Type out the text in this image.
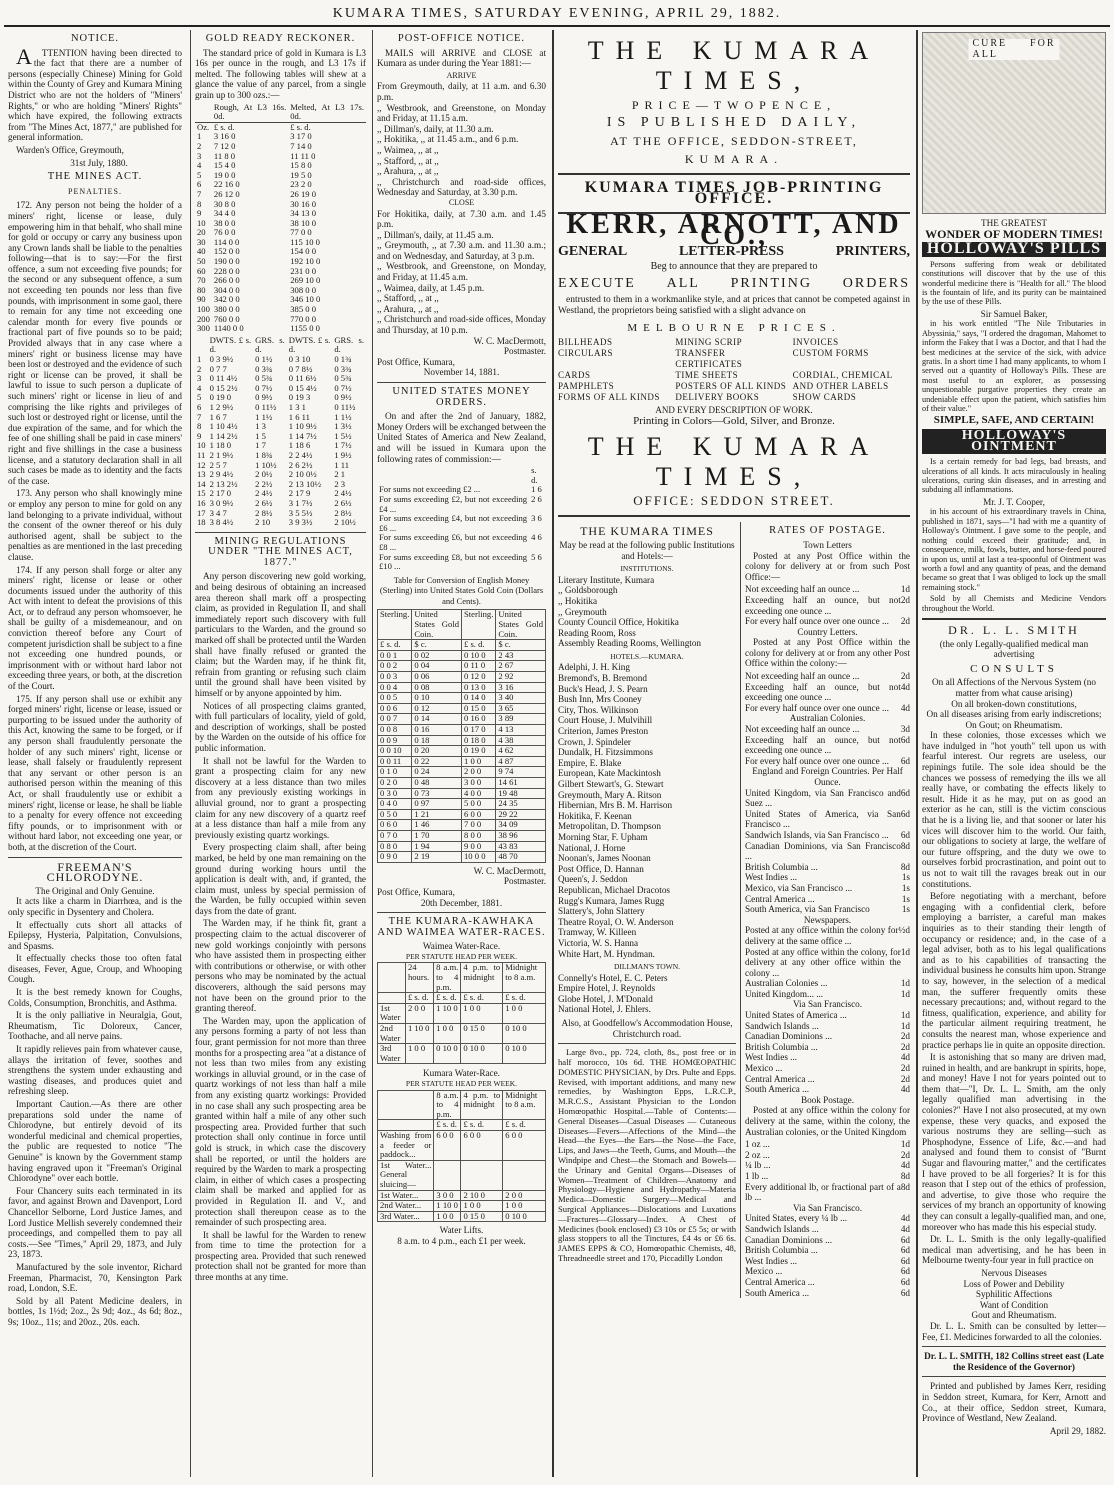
KUMARA TIMES, SATURDAY EVENING, APRIL 29, 1882.
NOTICE.

ATTENTION having been directed to the fact that there are a number of persons (especially Chinese) Mining for Gold within the County of Grey and Kumara Mining District who are not the holders of "Miners' Rights," or who are holding "Miners' Rights" which have expired, the following extracts from "The Mines Act, 1877," are published for general information.

Warden's Office, Greymouth,

31st July, 1880.

THE MINES ACT.
PENALTIES.

172. Any person not being the holder of a miners' right, license or lease, duly empowering him in that behalf, who shall mine for gold or occupy or carry any business upon any Crown lands shall be liable to the penalties following—that is to say:—For the first offence, a sum not exceeding five pounds; for the second or any subsequent offence, a sum not exceeding ten pounds nor less than five pounds, with imprisonment in some gaol, there to remain for any time not exceeding one calendar month for every five pounds or fractional part of five pounds so to be paid; Provided always that in any case where a miners' right or business license may have been lost or destroyed and the evidence of such right or license can be proved, it shall be lawful to issue to such person a duplicate of such miners' right or license in lieu of and comprising the like rights and privileges of such lost or destroyed right or license, until the due expiration of the same, and for which the fee of one shilling shall be paid in case miners' right and five shillings in the case a business license, and a statutory declaration shall in all such cases be made as to identity and the facts of the case.

173. Any person who shall knowingly mine or employ any person to mine for gold on any land belonging to a private individual, without the consent of the owner thereof or his duly authorised agent, shall be subject to the penalties as are mentioned in the last preceding clause.

174. If any person shall forge or alter any miners' right, license or lease or other documents issued under the authority of this Act with intent to defeat the provisions of this Act, or to defraud any person whomsoever, he shall be guilty of a misdemeanour, and on conviction thereof before any Court of competent jurisdiction shall be subject to a fine not exceeding one hundred pounds, or imprisonment with or without hard labor not exceeding three years, or both, at the discretion of the Court.

175. If any person shall use or exhibit any forged miners' right, license or lease, issued or purporting to be issued under the authority of this Act, knowing the same to be forged, or if any person shall fraudulently personate the holder of any such miners' right, license or lease, shall falsely or fraudulently represent that any servant or other person is an authorised person within the meaning of this Act, or shall fraudulently use or exhibit a miners' right, license or lease, he shall be liable to a penalty for every offence not exceeding fifty pounds, or to imprisonment with or without hard labor, not exceeding one year, or both, at the discretion of the Court.

FREEMAN'S CHLORODYNE.
The Original and Only Genuine.

It acts like a charm in Diarrhœa, and is the only specific in Dysentery and Cholera.

It effectually cuts short all attacks of Epilepsy, Hysteria, Palpitation, Convulsions, and Spasms.

It effectually checks those too often fatal diseases, Fever, Ague, Croup, and Whooping Cough.

It is the best remedy known for Coughs, Colds, Consumption, Bronchitis, and Asthma.

It is the only palliative in Neuralgia, Gout, Rheumatism, Tic Doloreux, Cancer, Toothache, and all nerve pains.

It rapidly relieves pain from whatever cause, allays the irritation of fever, soothes and strengthens the system under exhausting and wasting diseases, and produces quiet and refreshing sleep.

Important Caution.—As there are other preparations sold under the name of Chlorodyne, but entirely devoid of its wonderful medicinal and chemical properties, the public are requested to notice "The Genuine" is known by the Government stamp having engraved upon it "Freeman's Original Chlorodyne" over each bottle.

Four Chancery suits each terminated in its favor, and against Brown and Davenport, Lord Chancellor Selborne, Lord Justice James, and Lord Justice Mellish severely condemned their proceedings, and compelled them to pay all costs.—See "Times," April 29, 1873, and July 23, 1873.

Manufactured by the sole inventor, Richard Freeman, Pharmacist, 70, Kensington Park road, London, S.E.

Sold by all Patent Medicine dealers, in bottles, 1s 1½d; 2oz., 2s 9d; 4oz., 4s 6d; 8oz., 9s; 10oz., 11s; and 20oz., 20s. each.

GOLD READY RECKONER.

The standard price of gold in Kumara is L3 16s per ounce in the rough, and L3 17s if melted. The following tables will shew at a glance the value of any parcel, from a single grain up to 300 ozs.:—

	Rough, At L3 16s. 0d.	Melted, At L3 17s. 0d.
Oz.	£ s. d.	£ s. d.
1	3 16 0	3 17 0
2	7 12 0	7 14 0
3	11 8 0	11 11 0
4	15 4 0	15 8 0
5	19 0 0	19 5 0
6	22 16 0	23 2 0
7	26 12 0	26 19 0
8	30 8 0	30 16 0
9	34 4 0	34 13 0
10	38 0 0	38 10 0
20	76 0 0	77 0 0
30	114 0 0	115 10 0
40	152 0 0	154 0 0
50	190 0 0	192 10 0
60	228 0 0	231 0 0
70	266 0 0	269 10 0
80	304 0 0	308 0 0
90	342 0 0	346 10 0
100	380 0 0	385 0 0
200	760 0 0	770 0 0
300	1140 0 0	1155 0 0
	DWTS. £ s. d.	GRS. s. d.	DWTS. £ s. d.	GRS. s. d.
1	0 3 9½	0 1½	0 3 10	0 1¾
2	0 7 7	0 3¾	0 7 8½	0 3¾
3	0 11 4½	0 5¾	0 11 6½	0 5¾
4	0 15 2½	0 7½	0 15 4½	0 7½
5	0 19 0	0 9½	0 19 3	0 9½
6	1 2 9½	0 11½	1 3 1	0 11½
7	1 6 7	1 1½	1 6 11	1 1½
8	1 10 4½	1 3	1 10 9½	1 3½
9	1 14 2½	1 5	1 14 7½	1 5½
10	1 18 0	1 7	1 18 6	1 7½
11	2 1 9½	1 8¾	2 2 4½	1 9½
12	2 5 7	1 10½	2 6 2½	1 11
13	2 9 4½	2 0½	2 10 0½	2 1
14	2 13 2½	2 2½	2 13 10½	2 3
15	2 17 0	2 4½	2 17 9	2 4½
16	3 0 9½	2 6½	3 1 7½	2 6½
17	3 4 7	2 8½	3 5 5½	2 8½
18	3 8 4½	2 10	3 9 3½	2 10½
MINING REGULATIONS UNDER "THE MINES ACT, 1877."

Any person discovering new gold working, and being desirous of obtaining an increased area thereon shall mark off a prospecting claim, as provided in Regulation II, and shall immediately report such discovery with full particulars to the Warden, and the ground so marked off shall be protected until the Warden shall have finally refused or granted the claim; but the Warden may, if he think fit, refrain from granting or refusing such claim until the ground shall have been visited by himself or by anyone appointed by him.

Notices of all prospecting claims granted, with full particulars of locality, yield of gold, and description of workings, shall be posted by the Warden on the outside of his office for public information.

It shall not be lawful for the Warden to grant a prospecting claim for any new discovery at a less distance than two miles from any previously existing workings in alluvial ground, nor to grant a prospecting claim for any new discovery of a quartz reef at a less distance than half a mile from any previously existing quartz workings.

Every prospecting claim shall, after being marked, be held by one man remaining on the ground during working hours until the application is dealt with, and, if granted, the claim must, unless by special permission of the Warden, be fully occupied within seven days from the date of grant.

The Warden may, if he think fit, grant a prospecting claim to the actual discoverer of new gold workings conjointly with persons who have assisted them in prospecting either with contributions or otherwise, or with other persons who may be nominated by the actual discoverers, although the said persons may not have been on the ground prior to the granting thereof.

The Warden may, upon the application of any persons forming a party of not less than four, grant permission for not more than three months for a prospecting area "at a distance of not less than two miles from any existing workings in alluvial ground, or in the case of quartz workings of not less than half a mile from any existing quartz workings: Provided in no case shall any such prospecting area be granted within half a mile of any other such prospecting area. Provided further that such protection shall only continue in force until gold is struck, in which case the discovery shall be reported, or until the holders are required by the Warden to mark a prospecting claim, in either of which cases a prospecting claim shall be marked and applied for as provided in Regulation II. and V., and protection shall thereupon cease as to the remainder of such prospecting area.

It shall be lawful for the Warden to renew from time to time the protection for a prospecting area. Provided that such renewed protection shall not be granted for more than three months at any time.

POST-OFFICE NOTICE.

MAILS will ARRIVE and CLOSE at Kumara as under during the Year 1881:—

ARRIVE
From Greymouth, daily, at 11 a.m. and 6.30 p.m.
,, Westbrook, and Greenstone, on Monday and Friday, at 11.15 a.m.
,, Dillman's, daily, at 11.30 a.m.
,, Hokitika, ,, at 11.45 a.m., and 6 p.m.
,, Waimea, ,, at ,,
,, Stafford, ,, at ,,
,, Arahura, ,, at ,,
,, Christchurch and road-side offices, Wednesday and Saturday, at 3.30 p.m.
CLOSE
For Hokitika, daily, at 7.30 a.m. and 1.45 p.m.
,, Dillman's, daily, at 11.45 a.m.
,, Greymouth, ,, at 7.30 a.m. and 11.30 a.m.; and on Wednesday, and Saturday, at 3 p.m.
,, Westbrook, and Greenstone, on Monday, and Friday, at 11.45 a.m.
,, Waimea, daily, at 1.45 p.m.
,, Stafford, ,, at ,,
,, Arahura, ,, at ,,
,, Christchurch and road-side offices, Monday and Thursday, at 10 p.m.
W. C. MacDermott,
Postmaster.
Post Office, Kumara,
November 14, 1881.
UNITED STATES MONEY ORDERS.

On and after the 2nd of January, 1882, Money Orders will be exchanged between the United States of America and New Zealand, and will be issued in Kumara upon the following rates of commission:—

	s. d.
For sums not exceeding £2 ...	1 6
For sums exceeding £2, but not exceeding £4 ...	2 6
For sums exceeding £4, but not exceeding £6 ...	3 6
For sums exceeding £6, but not exceeding £8 ...	4 6
For sums exceeding £8, but not exceeding £10 ...	5 6
Table for Conversion of English Money (Sterling) into United States Gold Coin (Dollars and Cents).
Sterling.	United States Gold Coin.	Sterling.	United States Gold Coin.
£ s. d.	$ c.	£ s. d.	$ c.
0 0 1	0 02	0 10 0	2 43
0 0 2	0 04	0 11 0	2 67
0 0 3	0 06	0 12 0	2 92
0 0 4	0 08	0 13 0	3 16
0 0 5	0 10	0 14 0	3 40
0 0 6	0 12	0 15 0	3 65
0 0 7	0 14	0 16 0	3 89
0 0 8	0 16	0 17 0	4 13
0 0 9	0 18	0 18 0	4 38
0 0 10	0 20	0 19 0	4 62
0 0 11	0 22	1 0 0	4 87
0 1 0	0 24	2 0 0	9 74
0 2 0	0 48	3 0 0	14 61
0 3 0	0 73	4 0 0	19 48
0 4 0	0 97	5 0 0	24 35
0 5 0	1 21	6 0 0	29 22
0 6 0	1 46	7 0 0	34 09
0 7 0	1 70	8 0 0	38 96
0 8 0	1 94	9 0 0	43 83
0 9 0	2 19	10 0 0	48 70
W. C. MacDermott,
Postmaster.
Post Office, Kumara,
20th December, 1881.
THE KUMARA-KAWHAKA AND WAIMEA WATER-RACES.
Waimea Water-Race.
PER STATUTE HEAD PER WEEK.
	24 hours.	8 a.m. to 4 p.m.	4 p.m. to midnight	Midnight to 8 a.m.
	£ s. d.	£ s. d.	£ s. d.	£ s. d.
1st Water	2 0 0	1 10 0	1 0 0	1 0 0
2nd Water	1 10 0	1 0 0	0 15 0	0 10 0
3rd Water	1 0 0	0 10 0	0 10 0	0 10 0
Kumara Water-Race.
PER STATUTE HEAD PER WEEK.
	8 a.m. to 4 p.m.	4 p.m. to midnight	Midnight to 8 a.m.
	£ s. d.	£ s. d.	£ s. d.
Washing from a feeder or paddock...	6 0 0	6 0 0	6 0 0
1st Water... General sluicing—			
1st Water...	3 0 0	2 10 0	2 0 0
2nd Water...	1 10 0	1 0 0	1 0 0
3rd Water...	1 0 0	0 15 0	0 10 0
Water Lifts.
8 a.m. to 4 p.m., each £1 per week.
THE KUMARA TIMES,
PRICE—TWOPENCE,
IS PUBLISHED DAILY,
AT THE OFFICE, SEDDON-STREET,
KUMARA.
KUMARA TIMES JOB-PRINTING OFFICE.
KERR, ARNOTT, AND CO.,
GENERAL	LETTER-PRESS	PRINTERS,
Beg to announce that they are prepared to
EXECUTE ALL PRINTING ORDERS

entrusted to them in a workmanlike style, and at prices that cannot be competed against in Westland, the proprietors being satisfied with a slight advance on

MELBOURNE PRICES.
BILLHEADS	MINING SCRIP	INVOICES
CIRCULARS	TRANSFER CERTIFICATES
CUSTOM FORMS
CARDS	TIME SHEETS	CORDIAL, CHEMICAL
PAMPHLETS	POSTERS OF ALL KINDS AND OTHER LABELS
FORMS OF ALL KINDS	DELIVERY BOOKS	SHOW CARDS
AND EVERY DESCRIPTION OF WORK.
Printing in Colors—Gold, Silver, and Bronze.
THE KUMARA TIMES,
OFFICE: SEDDON STREET.
THE KUMARA TIMES
May be read at the following public Institutions and Hotels:—
INSTITUTIONS.
Literary Institute, Kumara
,, Goldsborough
,, Hokitika
,, Greymouth
County Council Office, Hokitika
Reading Room, Ross
Assembly Reading Rooms, Wellington
HOTELS.—KUMARA.
Adelphi, J. H. King
Bremond's, B. Bremond
Buck's Head, J. S. Pearn
Bush Inn, Mrs Cooney
City, Thos. Wilkinson
Court House, J. Mulvihill
Criterion, James Preston
Crown, J. Spindeler
Dundalk, H. Fitzsimmons
Empire, E. Blake
European, Kate Mackintosh
Gilbert Stewart's, G. Stewart
Greymouth, Mary A. Ritson
Hibernian, Mrs B. M. Harrison
Hokitika, F. Keenan
Metropolitan, D. Thompson
Morning Star, F. Upham
National, J. Horne
Noonan's, James Noonan
Post Office, D. Hannan
Queen's, J. Seddon
Republican, Michael Dracotos
Rugg's Kumara, James Rugg
Slattery's, John Slattery
Theatre Royal, O. W. Anderson
Tramway, W. Killeen
Victoria, W. S. Hanna
White Hart, M. Hyndman.
DILLMAN'S TOWN.
Connelly's Hotel, E. C. Peters
Empire Hotel, J. Reynolds
Globe Hotel, J. M'Donald
National Hotel, J. Ehlers.
Also, at Goodfellow's Accommodation House, Christchurch road.

Large 8vo., pp. 724, cloth, 8s., post free or in half morocco, 10s 6d. THE HOMŒOPATHIC DOMESTIC PHYSICIAN, by Drs. Pulte and Epps. Revised, with important additions, and many new remedies, by Washington Epps, L.R.C.P., M.R.C.S., Assistant Physician to the London Homœopathic Hospital.—Table of Contents:—General Diseases—Casual Diseases — Cutaneous Diseases—Fevers—Affections of the Mind—the Head—the Eyes—the Ears—the Nose—the Face, Lips, and Jaws—the Teeth, Gums, and Mouth—the Windpipe and Chest—the Stomach and Bowels—the Urinary and Genital Organs—Diseases of Women—Treatment of Children—Anatomy and Physiology—Hygiene and Hydropathy—Materia Medica—Domestic Surgery—Medical and Surgical Appliances—Dislocations and Luxations—Fractures—Glossary—Index. A Chest of Medicines (book enclosed) £3 10s or £5 5s; or with glass stoppers to all the Tinctures, £4 4s or £6 6s. JAMES EPPS & CO, Homœopathic Chemists, 48, Threadneedle street and 170, Piccadilly London

RATES OF POSTAGE.
Town Letters

Posted at any Post Office within the colony for delivery at or from such Post Office:—

Not exceeding half an ounce ...	1d
Exceeding half an ounce, but not exceeding one ounce ...
2d
For every half ounce over one ounce ... 2d
Country Letters.

Posted at any Post Office within the colony for delivery at or from any other Post Office within the colony:—

Not exceeding half an ounce ...	2d
Exceeding half an ounce, but not exceeding one ounce ...
4d
For every half ounce over one ounce ... 4d
Australian Colonies.
Not exceeding half an ounce ...	3d
Exceeding half an ounce, but not exceeding one ounce ...
6d
For every half ounce over one ounce ... 6d
England and Foreign Countries. Per Half Ounce.
United Kingdom, via San Francisco and Suez ...
6d
United States of America, via San Francisco ...
6d
Sandwich Islands, via San Francisco ... 6d
Canadian Dominions, via San Francisco ...
8d
British Columbia ...	8d
West Indies ...	1s
Mexico, via San Francisco ...	1s
Central America ...	1s
South America, via San Francisco	1s
Newspapers.
Posted at any office within the colony for delivery at the same office ...
½d
Posted at any office within the colony, for delivery at any other office within the colony ...
1d
Australian Colonies ...	1d
United Kingdom... ...	1d
Via San Francisco.
United States of America ...	1d
Sandwich Islands ...	1d
Canadian Dominions ...	2d
British Columbia ...	2d
West Indies ...	4d
Mexico ...	2d
Central America ...	2d
South America ...	4d
Book Postage.

Posted at any office within the colony for delivery at the same, within the colony, the Australian colonies, or the United Kingdom

1 oz ...	1d
2 oz ...	2d
¼ lb ...	4d
1 lb ...	8d
Every additional lb, or fractional part of a lb ...
8d
Via San Francisco.
United States, every ¼ lb ...	4d
Sandwich Islands ...	4d
Canadian Dominions ...	6d
British Columbia ...	6d
West Indies ...	6d
Mexico ...	6d
Central America ...	6d
South America ...	6d
CURE FOR ALL
THE GREATEST
WONDER OF MODERN TIMES!
HOLLOWAY'S PILLS

Persons suffering from weak or debilitated constitutions will discover that by the use of this wonderful medicine there is "Health for all." The blood is the fountain of life, and its purity can be maintained by the use of these Pills.

Sir Samuel Baker,

in his work entitled "The Nile Tributaries in Abyssinia," says, "I ordered the dragoman, Mahomet to inform the Fakey that I was a Doctor, and that I had the best medicines at the service of the sick, with advice gratis. In a short time I had many applicants, to whom I served out a quantity of Holloway's Pills. These are most useful to an explorer, as possessing unquestionable purgative properties they create an undeniable effect upon the patient, which satisfies him of their value."

SIMPLE, SAFE, AND CERTAIN!
HOLLOWAY'S OINTMENT

Is a certain remedy for bad legs, bad breasts, and ulcerations of all kinds. It acts miraculously in healing ulcerations, curing skin diseases, and in arresting and subduing all inflammations.

Mr. J. T. Cooper,

in his account of his extraordinary travels in China, published in 1871, says—"I had with me a quantity of Holloway's Ointment. I gave some to the people, and nothing could exceed their gratitude; and, in consequence, milk, fowls, butter, and horse-feed poured in upon us, until at last a tea-spoonful of Ointment was worth a fowl and any quantity of peas, and the demand became so great that I was obliged to lock up the small remaining stock."

Sold by all Chemists and Medicine Vendors throughout the World.

DR. L. L. SMITH
(the only Legally-qualified medical man advertising
CONSULTS
On all Affections of the Nervous System (no matter from what cause arising)
On all broken-down constitutions,
On all diseases arising from early indiscretions;
On Gout; on Rheumatism.

In these colonies, those excesses which we have indulged in "hot youth" tell upon us with fearful interest. Our regrets are useless, our repinings futile. The sole idea should be the chances we possess of remedying the ills we all really have, or combating the effects likely to result. Hide it as he may, put on as good an exterior as he can, still is the victim conscious that he is a living lie, and that sooner or later his vices will discover him to the world. Our faith, our obligations to society at large, the welfare of our future offspring, and the duty we owe to ourselves forbid procrastination, and point out to us not to wait till the ravages break out in our constitutions.

Before negotiating with a merchant, before engaging with a confidential clerk, before employing a barrister, a careful man makes inquiries as to their standing their length of occupancy or residence; and, in the case of a legal adviser, both as to his legal qualifications and as to his capabilities of transacting the individual business he consults him upon. Strange to say, however, in the selection of a medical man, the sufferer frequently omits these necessary precautions; and, without regard to the fitness, qualification, experience, and ability for the particular ailment requiring treatment, he consults the nearest man, whose experience and practice perhaps lie in quite an opposite direction.

It is astonishing that so many are driven mad, ruined in health, and are bankrupt in spirits, hope, and money! Have I not for years pointed out to them that—"I, Dr. L. L. Smith, am the only legally qualified man advertising in the colonies?" Have I not also prosecuted, at my own expense, these very quacks, and exposed the various nostrums they are selling—such as Phosphodyne, Essence of Life, &c.—and had analysed and found them to consist of "Burnt Sugar and flavouring matter," and the certificates I have proved to be all forgeries? It is for this reason that I step out of the ethics of profession, and advertise, to give those who require the services of my branch an opportunity of knowing they can consult a legally-qualified man, and one, moreover who has made this his especial study.

Dr. L. L. Smith is the only legally-qualified medical man advertising, and he has been in Melbourne twenty-four year in full practice on

Nervous Diseases
Loss of Power and Debility
Syphilitic Affections
Want of Condition
Gout and Rheumatism.

Dr. L. L. Smith can be consulted by letter—Fee, £1. Medicines forwarded to all the colonies.

Dr. L. L. SMITH, 182 Collins street east (Late the Residence of the Governor)

Printed and published by James Kerr, residing in Seddon street, Kumara, for Kerr, Arnott and Co., at their office, Seddon street, Kumara, Province of Westland, New Zealand.

April 29, 1882.
